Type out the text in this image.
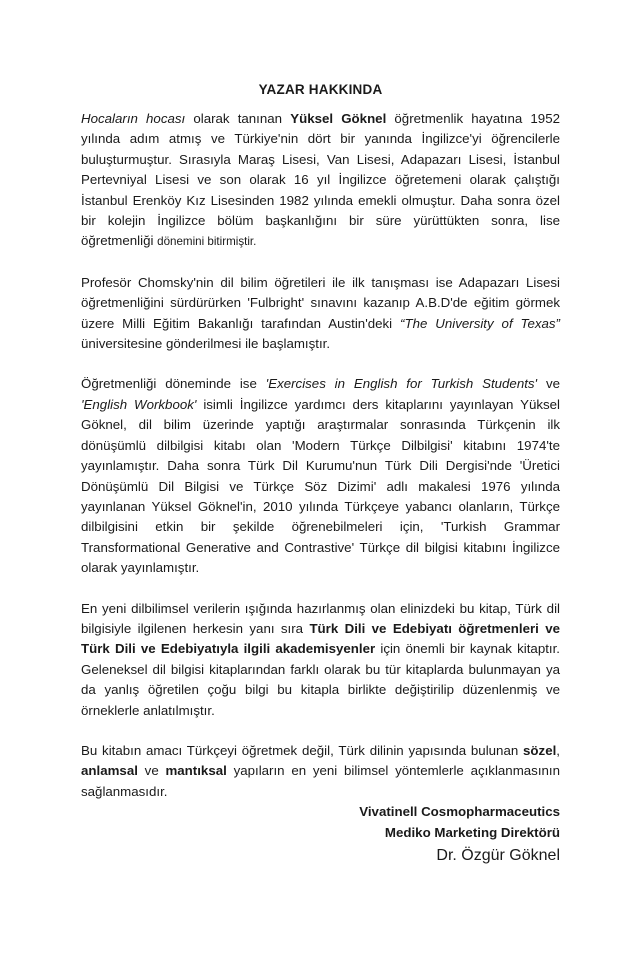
YAZAR HAKKINDA

Hocaların hocası olarak tanınan Yüksel Göknel öğretmenlik hayatına 1952 yılında adım atmış ve Türkiye'nin dört bir yanında İngilizce'yi öğrencilerle buluşturmuştur. Sırasıyla Maraş Lisesi, Van Lisesi, Adapazarı Lisesi, İstanbul Pertevniyal Lisesi ve son olarak 16 yıl İngilizce öğretemeni olarak çalıştığı İstanbul Erenköy Kız Lisesinden 1982 yılında emekli olmuştur. Daha sonra özel bir kolejin İngilizce bölüm başkanlığını bir süre yürüttükten sonra, lise öğretmenliği dönemini bitirmiştir.

Profesör Chomsky'nin dil bilim öğretileri ile ilk tanışması ise Adapazarı Lisesi öğretmenliğini sürdürürken 'Fulbright' sınavını kazanıp A.B.D'de eğitim görmek üzere Milli Eğitim Bakanlığı tarafından Austin'deki “The University of Texas” üniversitesine gönderilmesi ile başlamıştır.

Öğretmenliği döneminde ise 'Exercises in English for Turkish Students' ve 'English Workbook' isimli İngilizce yardımcı ders kitaplarını yayınlayan Yüksel Göknel, dil bilim üzerinde yaptığı araştırmalar sonrasında Türkçenin ilk dönüşümlü dilbilgisi kitabı olan 'Modern Türkçe Dilbilgisi' kitabını 1974'te yayınlamıştır. Daha sonra Türk Dil Kurumu'nun Türk Dili Dergisi'nde 'Üretici Dönüşümlü Dil Bilgisi ve Türkçe Söz Dizimi' adlı makalesi 1976 yılında yayınlanan Yüksel Göknel'in, 2010 yılında Türkçeye yabancı olanların, Türkçe dilbilgisini etkin bir şekilde öğrenebilmeleri için, 'Turkish Grammar Transformational Generative and Contrastive' Türkçe dil bilgisi kitabını İngilizce olarak yayınlamıştır.

En yeni dilbilimsel verilerin ışığında hazırlanmış olan elinizdeki bu kitap, Türk dil bilgisiyle ilgilenen herkesin yanı sıra Türk Dili ve Edebiyatı öğretmenleri ve Türk Dili ve Edebiyatıyla ilgili akademisyenler için önemli bir kaynak kitaptır. Geleneksel dil bilgisi kitaplarından farklı olarak bu tür kitaplarda bulunmayan ya da yanlış öğretilen çoğu bilgi bu kitapla birlikte değiştirilip düzenlenmiş ve örneklerle anlatılmıştır.

Bu kitabın amacı Türkçeyi öğretmek değil, Türk dilinin yapısında bulunan sözel, anlamsal ve mantıksal yapıların en yeni bilimsel yöntemlerle açıklanmasının sağlanmasıdır.

Vivatinell Cosmopharmaceutics
Mediko Marketing Direktörü
Dr. Özgür Göknel
